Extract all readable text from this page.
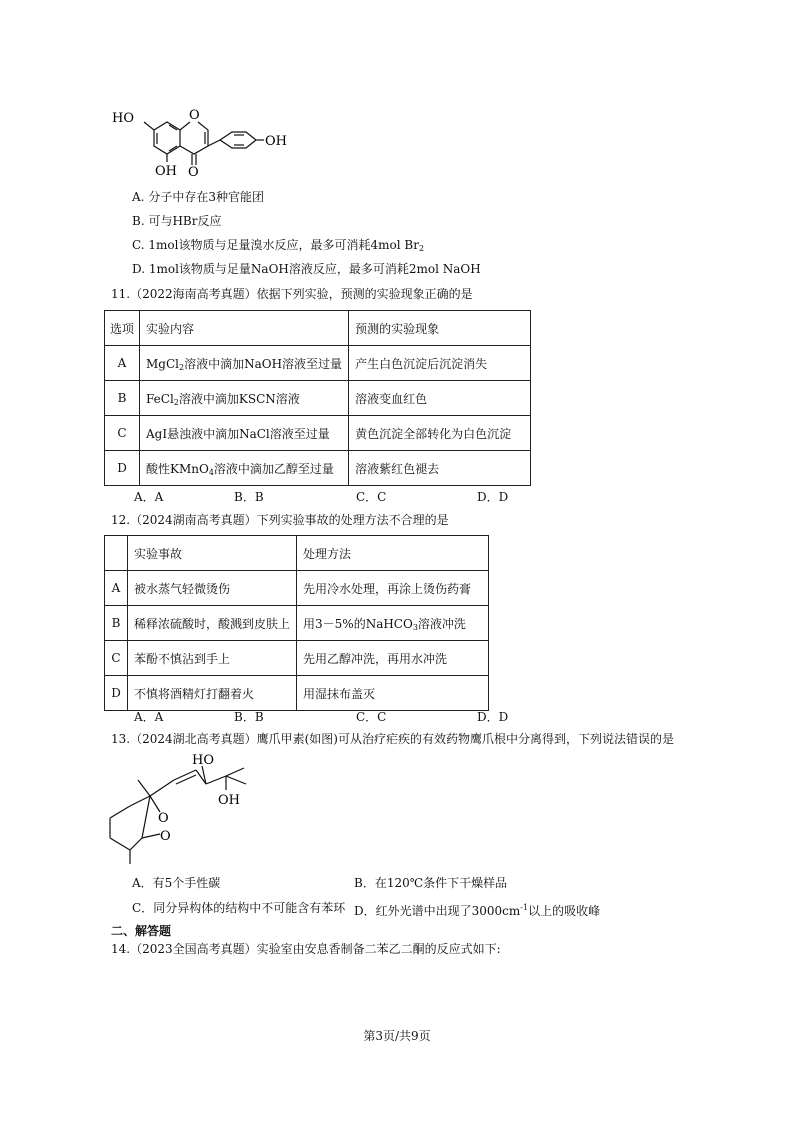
HO	O
OH O
OH
A. 分子中存在3种官能团
B. 可与HBr反应
C. 1mol该物质与足量溴水反应，最多可消耗4mol $Br_2$
D. 1mol该物质与足量NaOH溶液反应，最多可消耗2mol NaOH
11.（2022海南高考真题）依据下列实验，预测的实验现象正确的是
选项	实验内容	预测的实验现象
A	MgCl$_2$溶液中滴加NaOH溶液至过量	产生白色沉淀后沉淀消失
B	FeCl$_2$溶液中滴加KSCN溶液	溶液变血红色
C	AgI悬浊液中滴加NaCl溶液至过量	黄色沉淀全部转化为白色沉淀
D	酸性KMnO$_4$溶液中滴加乙醇至过量	溶液紫红色褪去
A．A	B．B	C．C	D．D
12.（2024湖南高考真题）下列实验事故的处理方法不合理的是
	实验事故	处理方法
A	被水蒸气轻微烫伤	先用冷水处理，再涂上烫伤药膏
B	稀释浓硫酸时，酸溅到皮肤上	用3－5%的NaHCO$_3$溶液冲洗
C	苯酚不慎沾到手上	先用乙醇冲洗，再用水冲洗
D	不慎将酒精灯打翻着火	用湿抹布盖灭
A．A	B．B	C．C	D．D
13.（2024湖北高考真题）鹰爪甲素(如图)可从治疗疟疾的有效药物鹰爪根中分离得到，下列说法错误的是
HO
OH
O
O
A．有5个手性碳	B．在120℃条件下干燥样品
C．同分异构体的结构中不可能含有苯环 D．红外光谱中出现了$3000cm^{-1}$以上的吸收峰
二、解答题
14.（2023全国高考真题）实验室由安息香制备二苯乙二酮的反应式如下:
第3页/共9页
